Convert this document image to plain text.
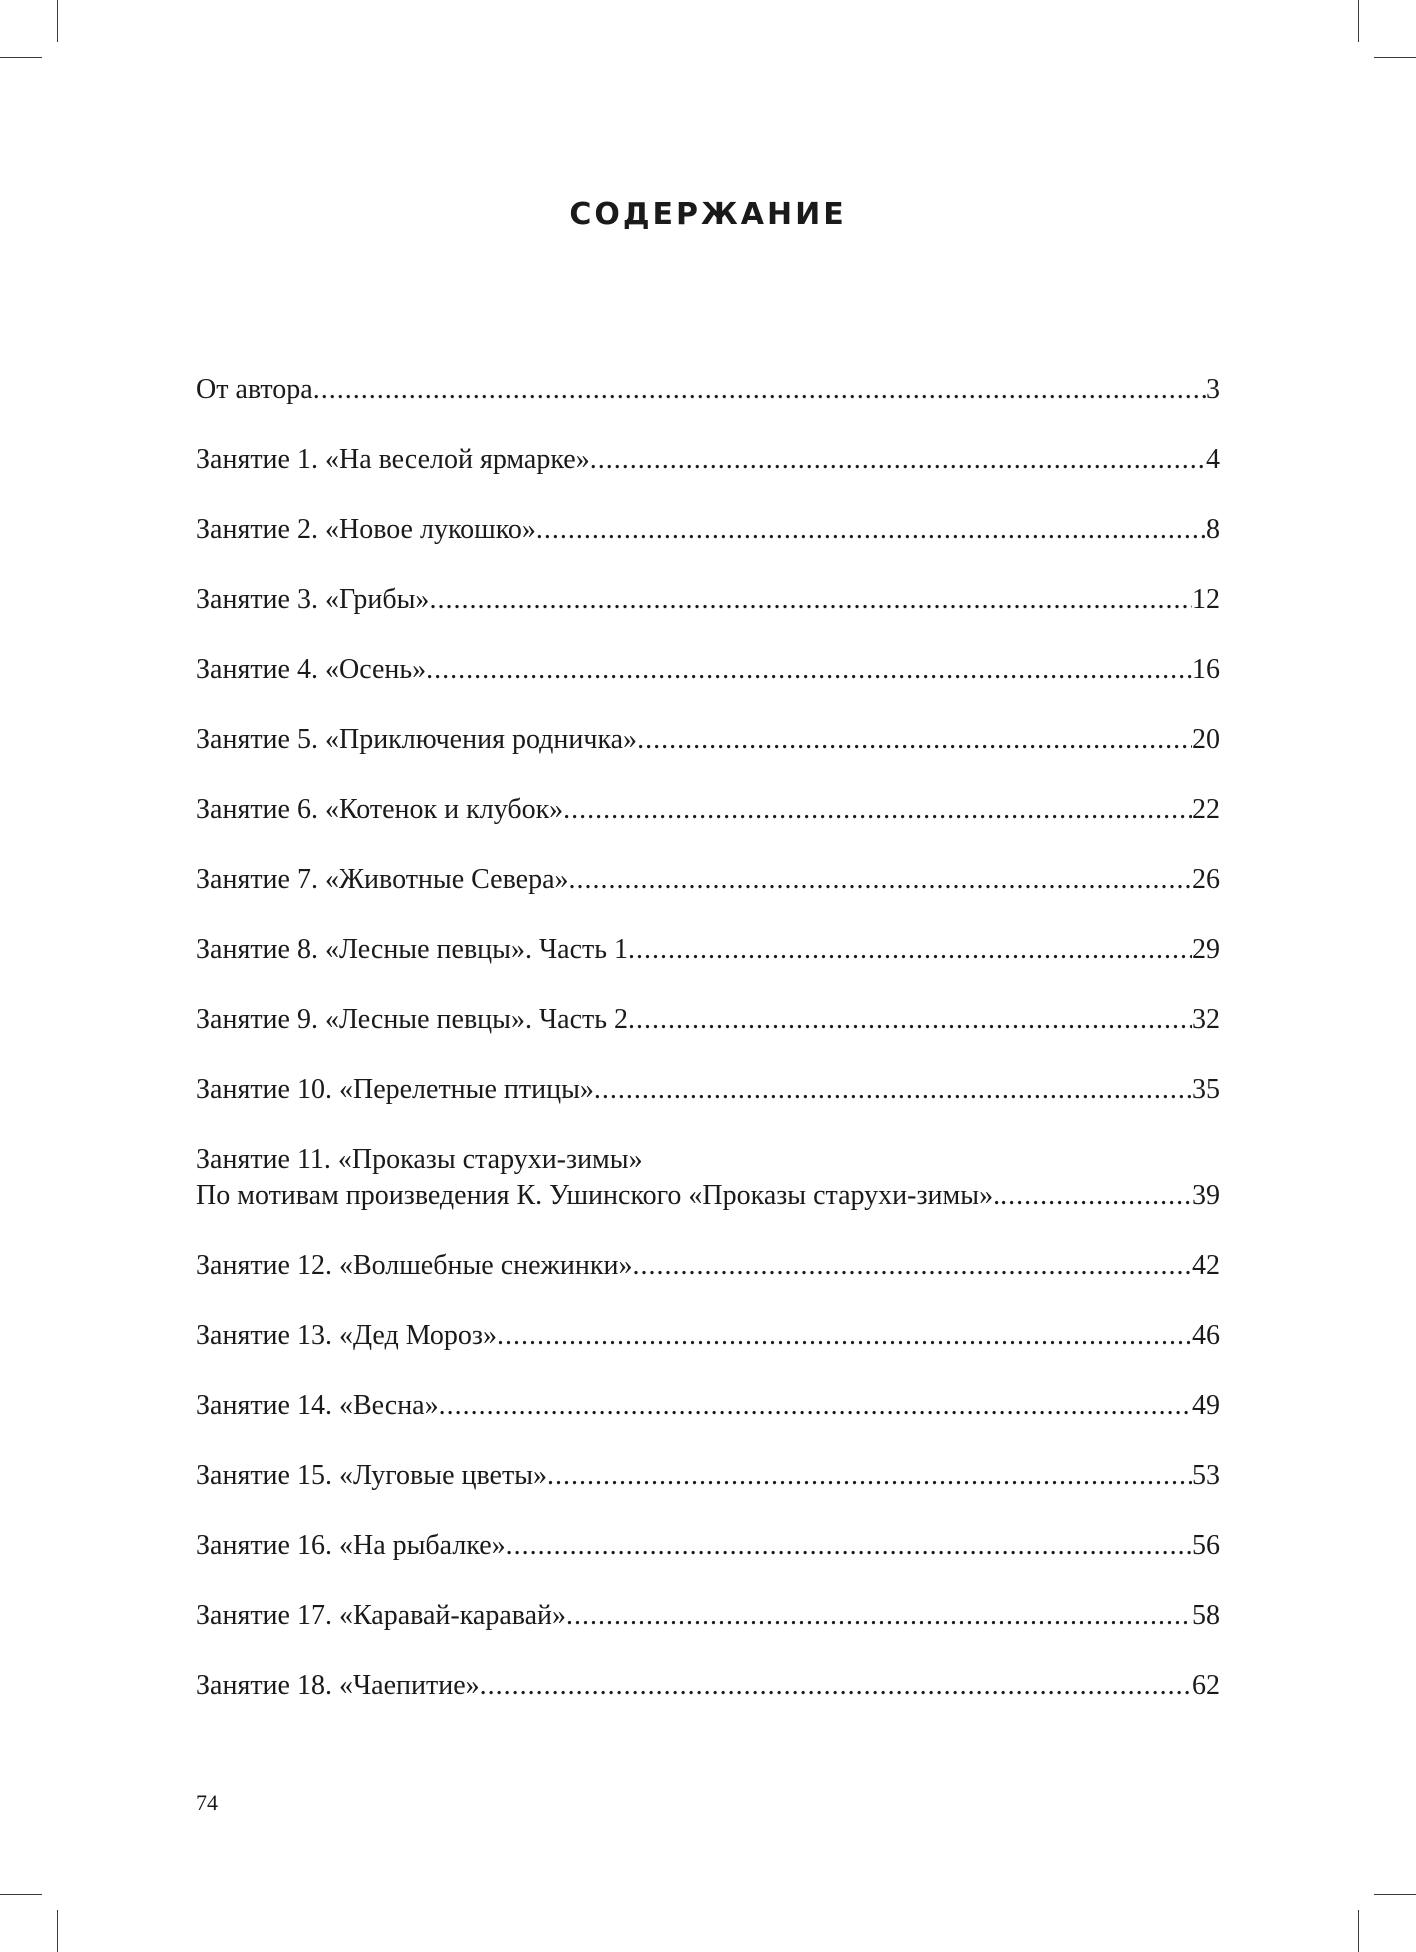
СОДЕРЖАНИЕ
От автора .....	3
Занятие 1. «На веселой ярмарке» .....	4
Занятие 2. «Новое лукошко» .....	8
Занятие 3. «Грибы» .....	12
Занятие 4. «Осень» .....	16
Занятие 5. «Приключения родничка» .....	20
Занятие 6. «Котенок и клубок» .....	22
Занятие 7. «Животные Севера» .....	26
Занятие 8. «Лесные певцы». Часть 1 .....	29
Занятие 9. «Лесные певцы». Часть 2 .....	32
Занятие 10. «Перелетные птицы» .....	35
Занятие 11. «Проказы старухи-зимы»
По мотивам произведения К. Ушинского «Проказы старухи-зимы». .....	39
Занятие 12. «Волшебные снежинки» .....	42
Занятие 13. «Дед Мороз» .....	46
Занятие 14. «Весна» .....	49
Занятие 15. «Луговые цветы» .....	53
Занятие 16. «На рыбалке» .....	56
Занятие 17. «Каравай-каравай» .....	58
Занятие 18. «Чаепитие» .....	62

74
